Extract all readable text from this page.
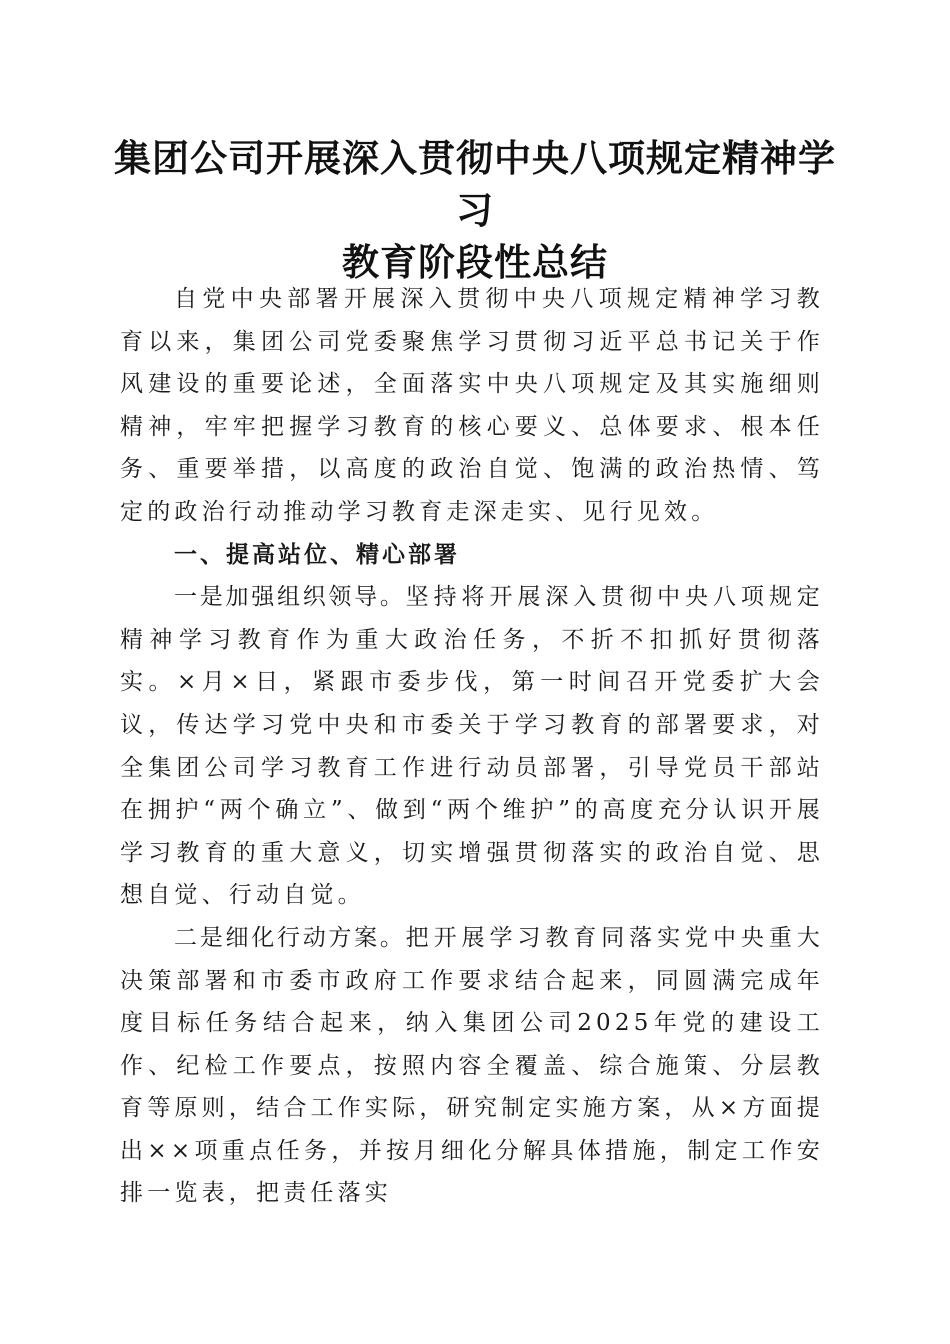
集团公司开展深入贯彻中央八项规定精神学习
教育阶段性总结

自党中央部署开展深入贯彻中央八项规定精神学习教育以来，集团公司党委聚焦学习贯彻习近平总书记关于作风建设的重要论述，全面落实中央八项规定及其实施细则精神，牢牢把握学习教育的核心要义、总体要求、根本任务、重要举措，以高度的政治自觉、饱满的政治热情、笃定的政治行动推动学习教育走深走实、见行见效。

一、提高站位、精心部署

一是加强组织领导。坚持将开展深入贯彻中央八项规定精神学习教育作为重大政治任务，不折不扣抓好贯彻落实。×月×日，紧跟市委步伐，第一时间召开党委扩大会议，传达学习党中央和市委关于学习教育的部署要求，对全集团公司学习教育工作进行动员部署，引导党员干部站在拥护“两个确立”、做到“两个维护”的高度充分认识开展学习教育的重大意义，切实增强贯彻落实的政治自觉、思想自觉、行动自觉。

二是细化行动方案。把开展学习教育同落实党中央重大决策部署和市委市政府工作要求结合起来，同圆满完成年度目标任务结合起来，纳入集团公司2025年党的建设工作、纪检工作要点，按照内容全覆盖、综合施策、分层教育等原则，结合工作实际，研究制定实施方案，从×方面提出××项重点任务，并按月细化分解具体措施，制定工作安排一览表，把责任落实
